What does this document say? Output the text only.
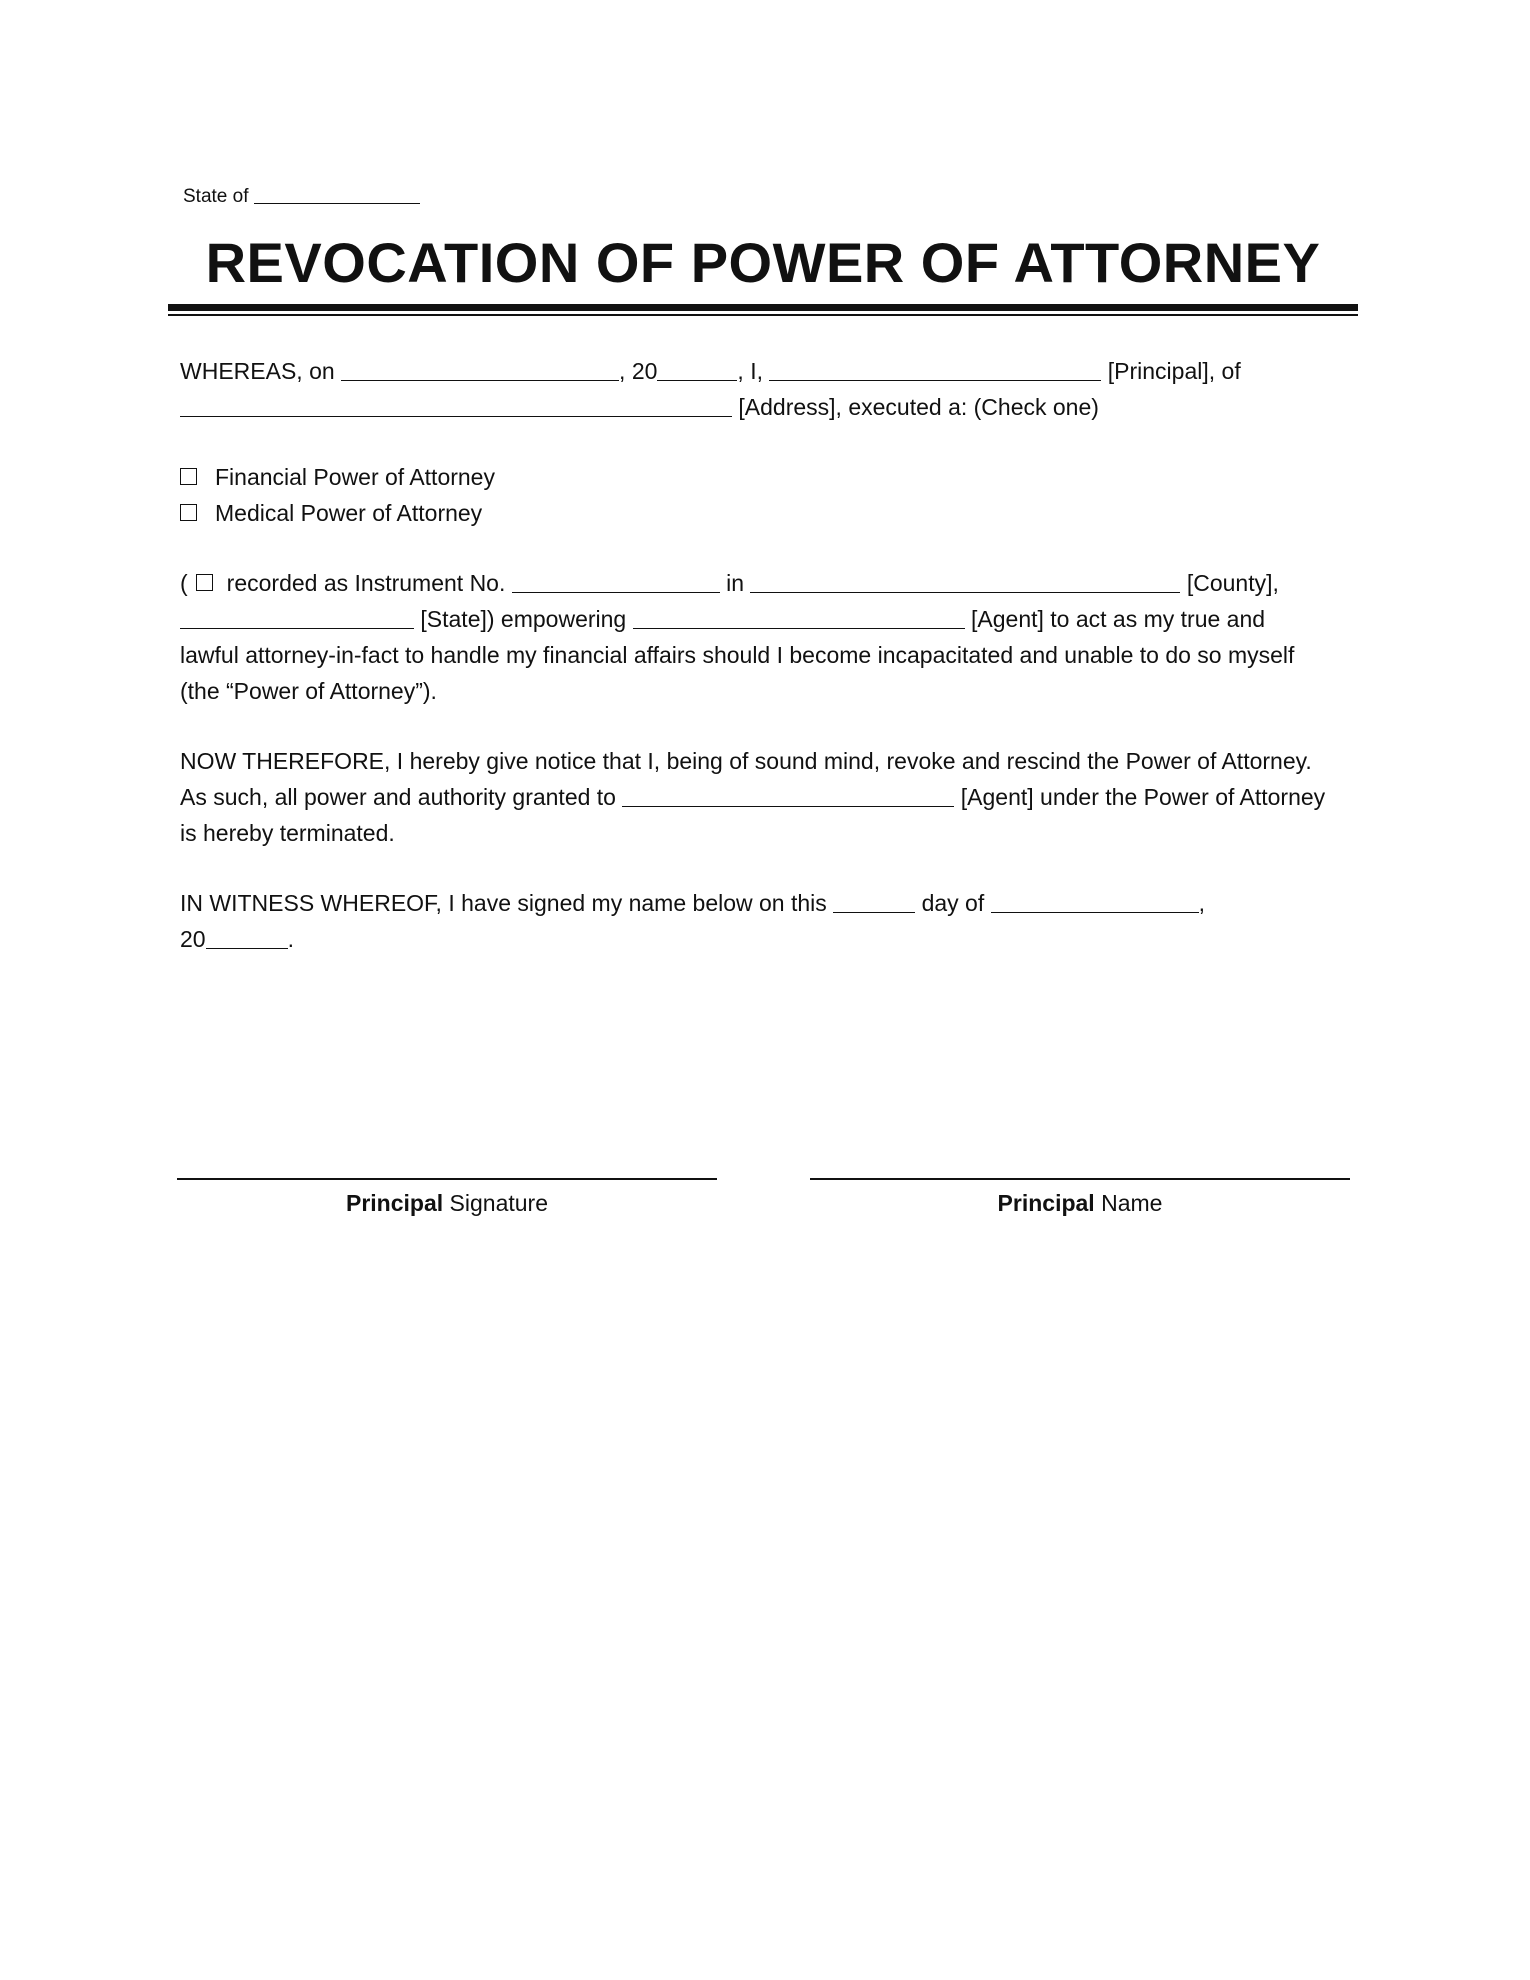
State of
REVOCATION OF POWER OF ATTORNEY

WHEREAS, on	, 20	, I,	[Principal], of
[Address], executed a: (Check one)

Financial Power of Attorney

Medical Power of Attorney

( recorded as Instrument No.	in	[County],
[State]) empowering	[Agent] to act as my true and
lawful attorney-in-fact to handle my financial affairs should I become incapacitated and unable to do so myself (the “Power of Attorney”).

NOW THEREFORE, I hereby give notice that I, being of sound mind, revoke and rescind the Power of Attorney. As such, all power and authority granted to	[Agent] under the Power of Attorney is hereby terminated.

IN WITNESS WHEREOF, I have signed my name below on this	day of	,
20	.

Principal Signature	Principal Name
